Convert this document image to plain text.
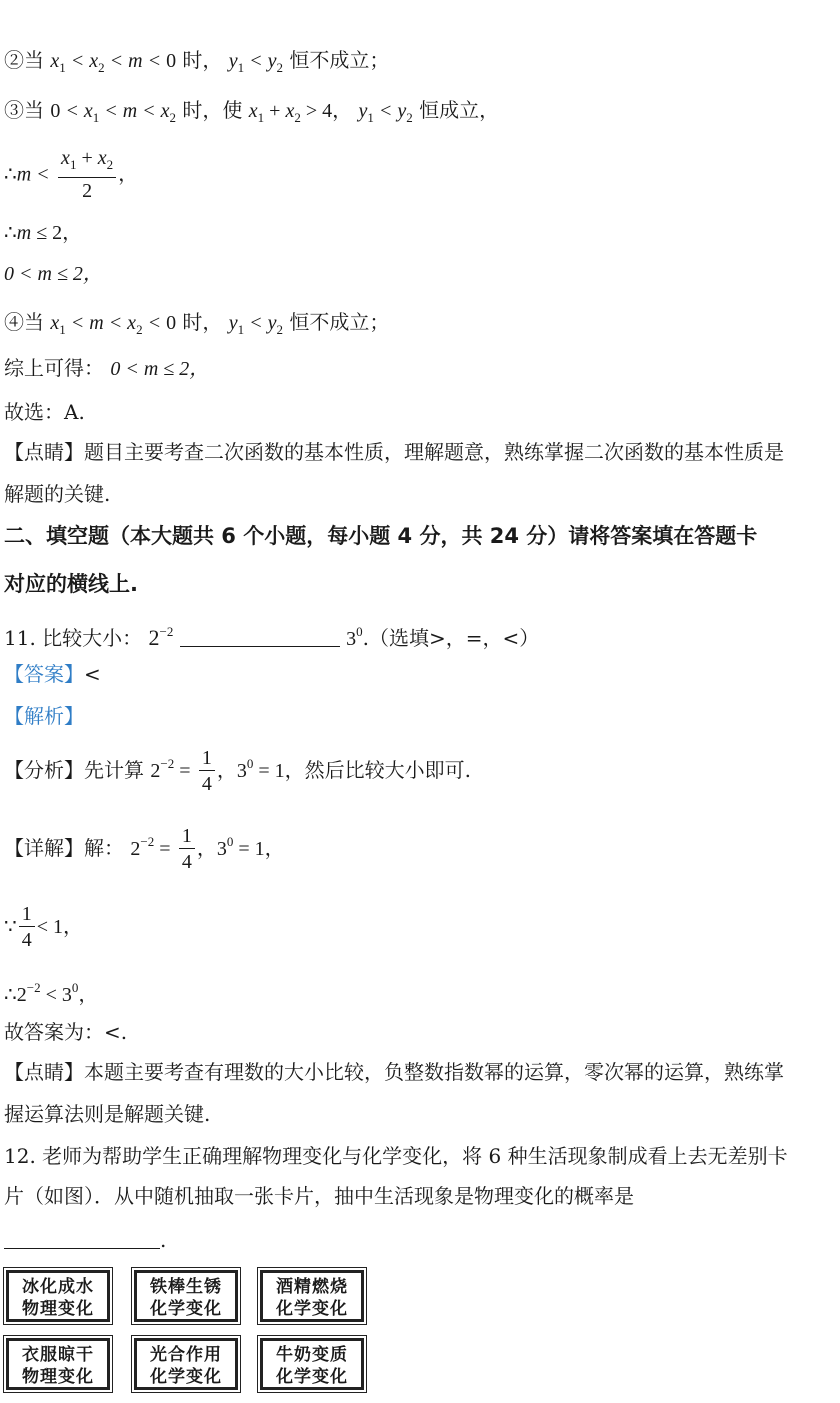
②当 $x_1 < x_2 < m < 0$ 时， $y_1 < y_2$ 恒不成立；
③当 $0 < x_1 < m < x_2$ 时，使 $x_1 + x_2 > 4$， $y_1 < y_2$ 恒成立，
∴m < $\frac{x_1 + x_2}{2}$ ，
∴m ≤ 2，
0 < m ≤ 2，
④当 $x_1 < m < x_2 < 0$ 时， $y_1 < y_2$ 恒不成立；
综上可得： 0 < m ≤ 2，
故选：A.
【点睛】题目主要考查二次函数的基本性质，理解题意，熟练掌握二次函数的基本性质是
解题的关键.
二、填空题（本大题共 6 个小题，每小题 4 分，共 24 分）请将答案填在答题卡
对应的横线上.
11. 比较大小： $2^{-2}$	$3^0$.（选填>，=，<）
【答案】<
【解析】
【分析】先计算 $2^{-2} = \frac{1}{4}$ ，$3^0 = 1$，然后比较大小即可.
【详解】解： $2^{-2} = \frac{1}{4}$ ，$3^0 = 1$，
∵ $\frac{1}{4} < 1$，
$\therefore 2^{-2} < 3^0$，
故答案为：<.
【点睛】本题主要考查有理数的大小比较，负整数指数幂的运算，零次幂的运算，熟练掌
握运算法则是解题关键.
12. 老师为帮助学生正确理解物理变化与化学变化，将 6 种生活现象制成看上去无差别卡
片（如图）．从中随机抽取一张卡片，抽中生活现象是物理变化的概率是
.
冰化成水
物理变化
铁棒生锈
化学变化
酒精燃烧
化学变化
衣服晾干
物理变化
光合作用
化学变化
牛奶变质
化学变化
